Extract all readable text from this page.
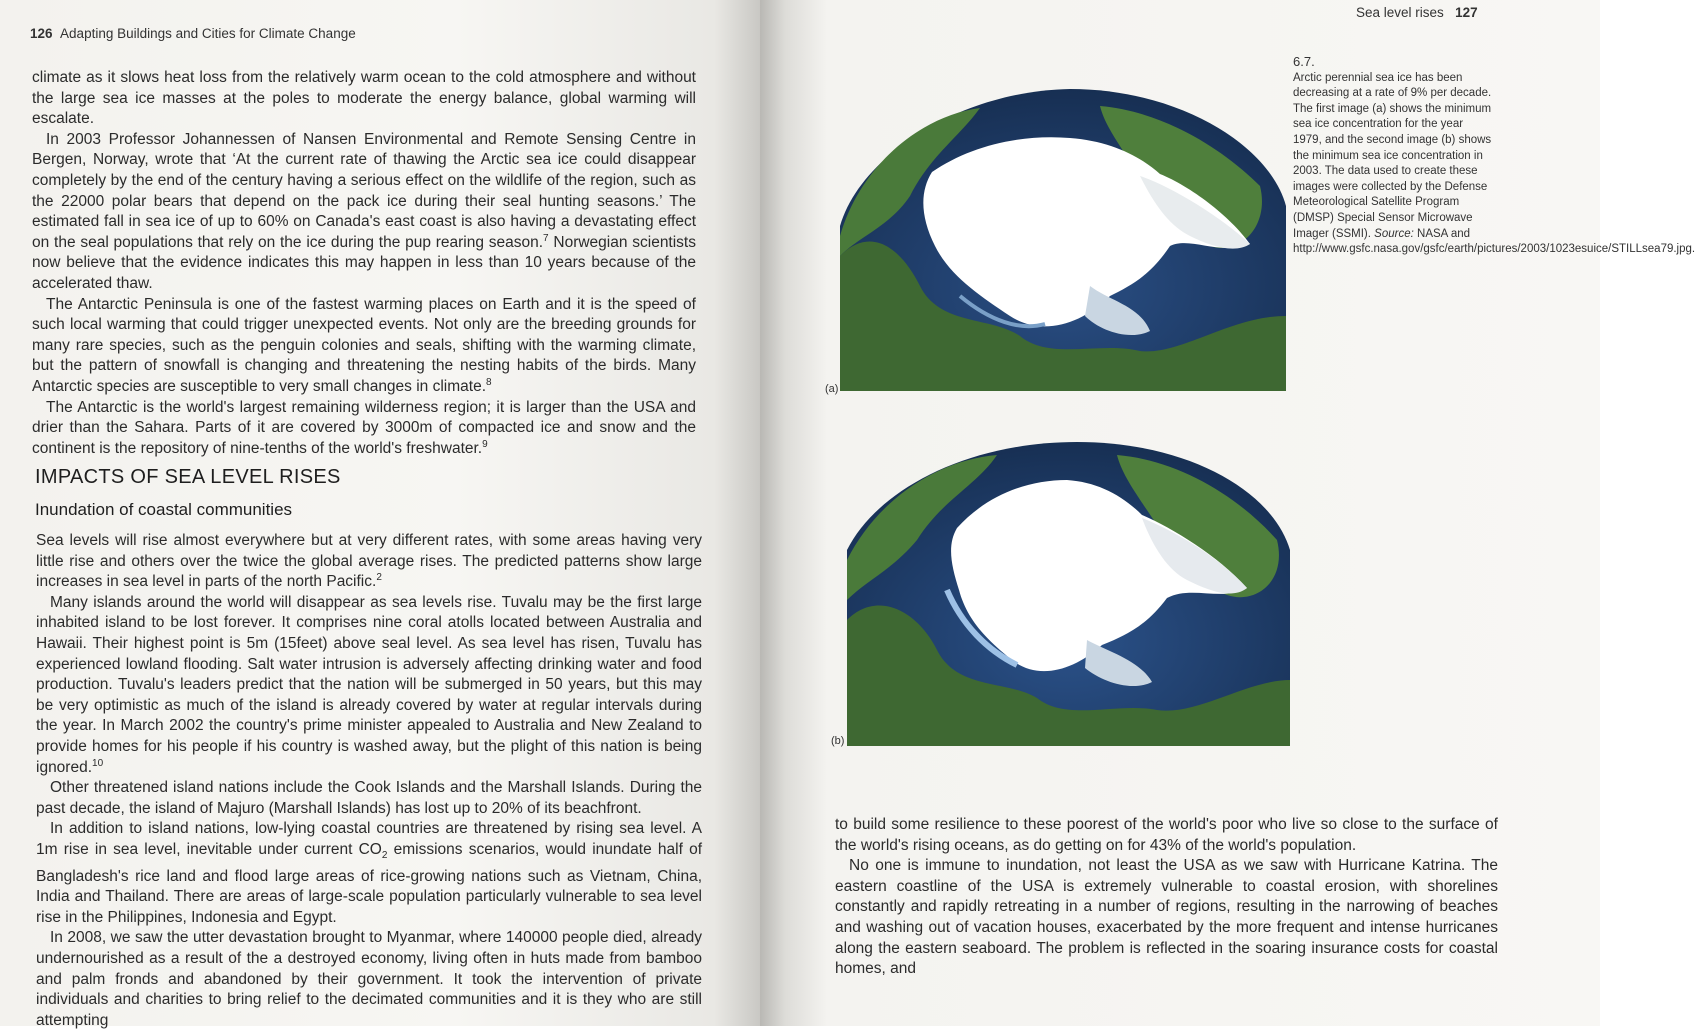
126 Adapting Buildings and Cities for Climate Change

climate as it slows heat loss from the relatively warm ocean to the cold atmosphere and without the large sea ice masses at the poles to moderate the energy balance, global warming will escalate.

In 2003 Professor Johannessen of Nansen Environmental and Remote Sensing Centre in Bergen, Norway, wrote that ‘At the current rate of thawing the Arctic sea ice could disappear completely by the end of the century having a serious effect on the wildlife of the region, such as the 22000 polar bears that depend on the pack ice during their seal hunting seasons.’ The estimated fall in sea ice of up to 60% on Canada's east coast is also having a devastating effect on the seal populations that rely on the ice during the pup rearing season.$^7$ Norwegian scientists now believe that the evidence indicates this may happen in less than 10 years because of the accelerated thaw.

The Antarctic Peninsula is one of the fastest warming places on Earth and it is the speed of such local warming that could trigger unexpected events. Not only are the breeding grounds for many rare species, such as the penguin colonies and seals, shifting with the warming climate, but the pattern of snowfall is changing and threatening the nesting habits of the birds. Many Antarctic species are susceptible to very small changes in climate.$^8$

The Antarctic is the world's largest remaining wilderness region; it is larger than the USA and drier than the Sahara. Parts of it are covered by 3000m of compacted ice and snow and the continent is the repository of nine-tenths of the world's freshwater.$^9$

IMPACTS OF SEA LEVEL RISES
Inundation of coastal communities

Sea levels will rise almost everywhere but at very different rates, with some areas having very little rise and others over the twice the global average rises. The predicted patterns show large increases in sea level in parts of the north Pacific.$^2$

Many islands around the world will disappear as sea levels rise. Tuvalu may be the first large inhabited island to be lost forever. It comprises nine coral atolls located between Australia and Hawaii. Their highest point is 5m (15feet) above seal level. As sea level has risen, Tuvalu has experienced lowland flooding. Salt water intrusion is adversely affecting drinking water and food production. Tuvalu's leaders predict that the nation will be submerged in 50 years, but this may be very optimistic as much of the island is already covered by water at regular intervals during the year. In March 2002 the country's prime minister appealed to Australia and New Zealand to provide homes for his people if his country is washed away, but the plight of this nation is being ignored.$^{10}$

Other threatened island nations include the Cook Islands and the Marshall Islands. During the past decade, the island of Majuro (Marshall Islands) has lost up to 20% of its beachfront.

In addition to island nations, low-lying coastal countries are threatened by rising sea level. A 1m rise in sea level, inevitable under current $CO_2$ emissions scenarios, would inundate half of Bangladesh's rice land and flood large areas of rice-growing nations such as Vietnam, China, India and Thailand. There are areas of large-scale population particularly vulnerable to sea level rise in the Philippines, Indonesia and Egypt.

In 2008, we saw the utter devastation brought to Myanmar, where 140000 people died, already undernourished as a result of the a destroyed economy, living often in huts made from bamboo and palm fronds and abandoned by their government. It took the intervention of private individuals and charities to bring relief to the decimated communities and it is they who are still attempting

Sea level rises 127
(a)
6.7.
Arctic perennial sea ice has been decreasing at a rate of 9% per decade. The first image (a) shows the minimum sea ice concentration for the year 1979, and the second image (b) shows the minimum sea ice concentration in 2003. The data used to create these images were collected by the Defense Meteorological Satellite Program (DMSP) Special Sensor Microwave Imager (SSMI). Source: NASA and http://www.gsfc.nasa.gov/gsfc/earth/pictures/2003/1023esuice/STILLsea79.jpg.
(b)

to build some resilience to these poorest of the world's poor who live so close to the surface of the world's rising oceans, as do getting on for 43% of the world's population.

No one is immune to inundation, not least the USA as we saw with Hurricane Katrina. The eastern coastline of the USA is extremely vulnerable to coastal erosion, with shorelines constantly and rapidly retreating in a number of regions, resulting in the narrowing of beaches and washing out of vacation houses, exacerbated by the more frequent and intense hurricanes along the eastern seaboard. The problem is reflected in the soaring insurance costs for coastal homes, and
